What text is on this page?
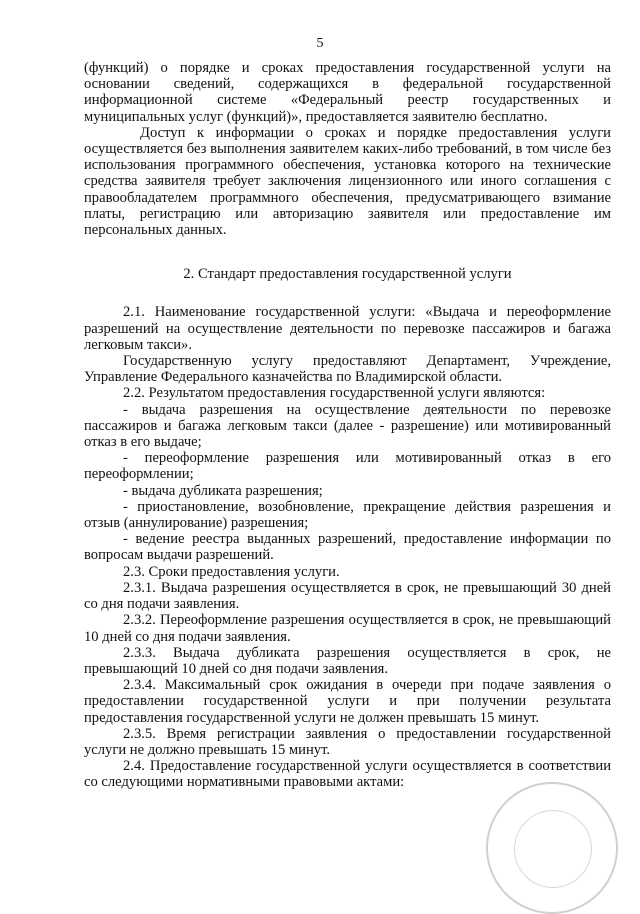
5

(функций) о порядке и сроках предоставления государственной услуги на основании сведений, содержащихся в федеральной государственной информационной системе «Федеральный реестр государственных и муниципальных услуг (функций)», предоставляется заявителю бесплатно.

Доступ к информации о сроках и порядке предоставления услуги осуществляется без выполнения заявителем каких-либо требований, в том числе без использования программного обеспечения, установка которого на технические средства заявителя требует заключения лицензионного или иного соглашения с правообладателем программного обеспечения, предусматривающего взимание платы, регистрацию или авторизацию заявителя или предоставление им персональных данных.

2. Стандарт предоставления государственной услуги

2.1. Наименование государственной услуги: «Выдача и переоформление разрешений на осуществление деятельности по перевозке пассажиров и багажа легковым такси».

Государственную услугу предоставляют Департамент, Учреждение, Управление Федерального казначейства по Владимирской области.

2.2. Результатом предоставления государственной услуги являются:

- выдача разрешения на осуществление деятельности по перевозке пассажиров и багажа легковым такси (далее - разрешение) или мотивированный отказ в его выдаче;

- переоформление разрешения или мотивированный отказ в его переоформлении;

- выдача дубликата разрешения;

- приостановление, возобновление, прекращение действия разрешения и отзыв (аннулирование) разрешения;

- ведение реестра выданных разрешений, предоставление информации по вопросам выдачи разрешений.

2.3. Сроки предоставления услуги.

2.3.1. Выдача разрешения осуществляется в срок, не превышающий 30 дней со дня подачи заявления.

2.3.2. Переоформление разрешения осуществляется в срок, не превышающий 10 дней со дня подачи заявления.

2.3.3. Выдача дубликата разрешения осуществляется в срок, не превышающий 10 дней со дня подачи заявления.

2.3.4. Максимальный срок ожидания в очереди при подаче заявления о предоставлении государственной услуги и при получении результата предоставления государственной услуги не должен превышать 15 минут.

2.3.5. Время регистрации заявления о предоставлении государственной услуги не должно превышать 15 минут.

2.4. Предоставление государственной услуги осуществляется в соответствии со следующими нормативными правовыми актами:
